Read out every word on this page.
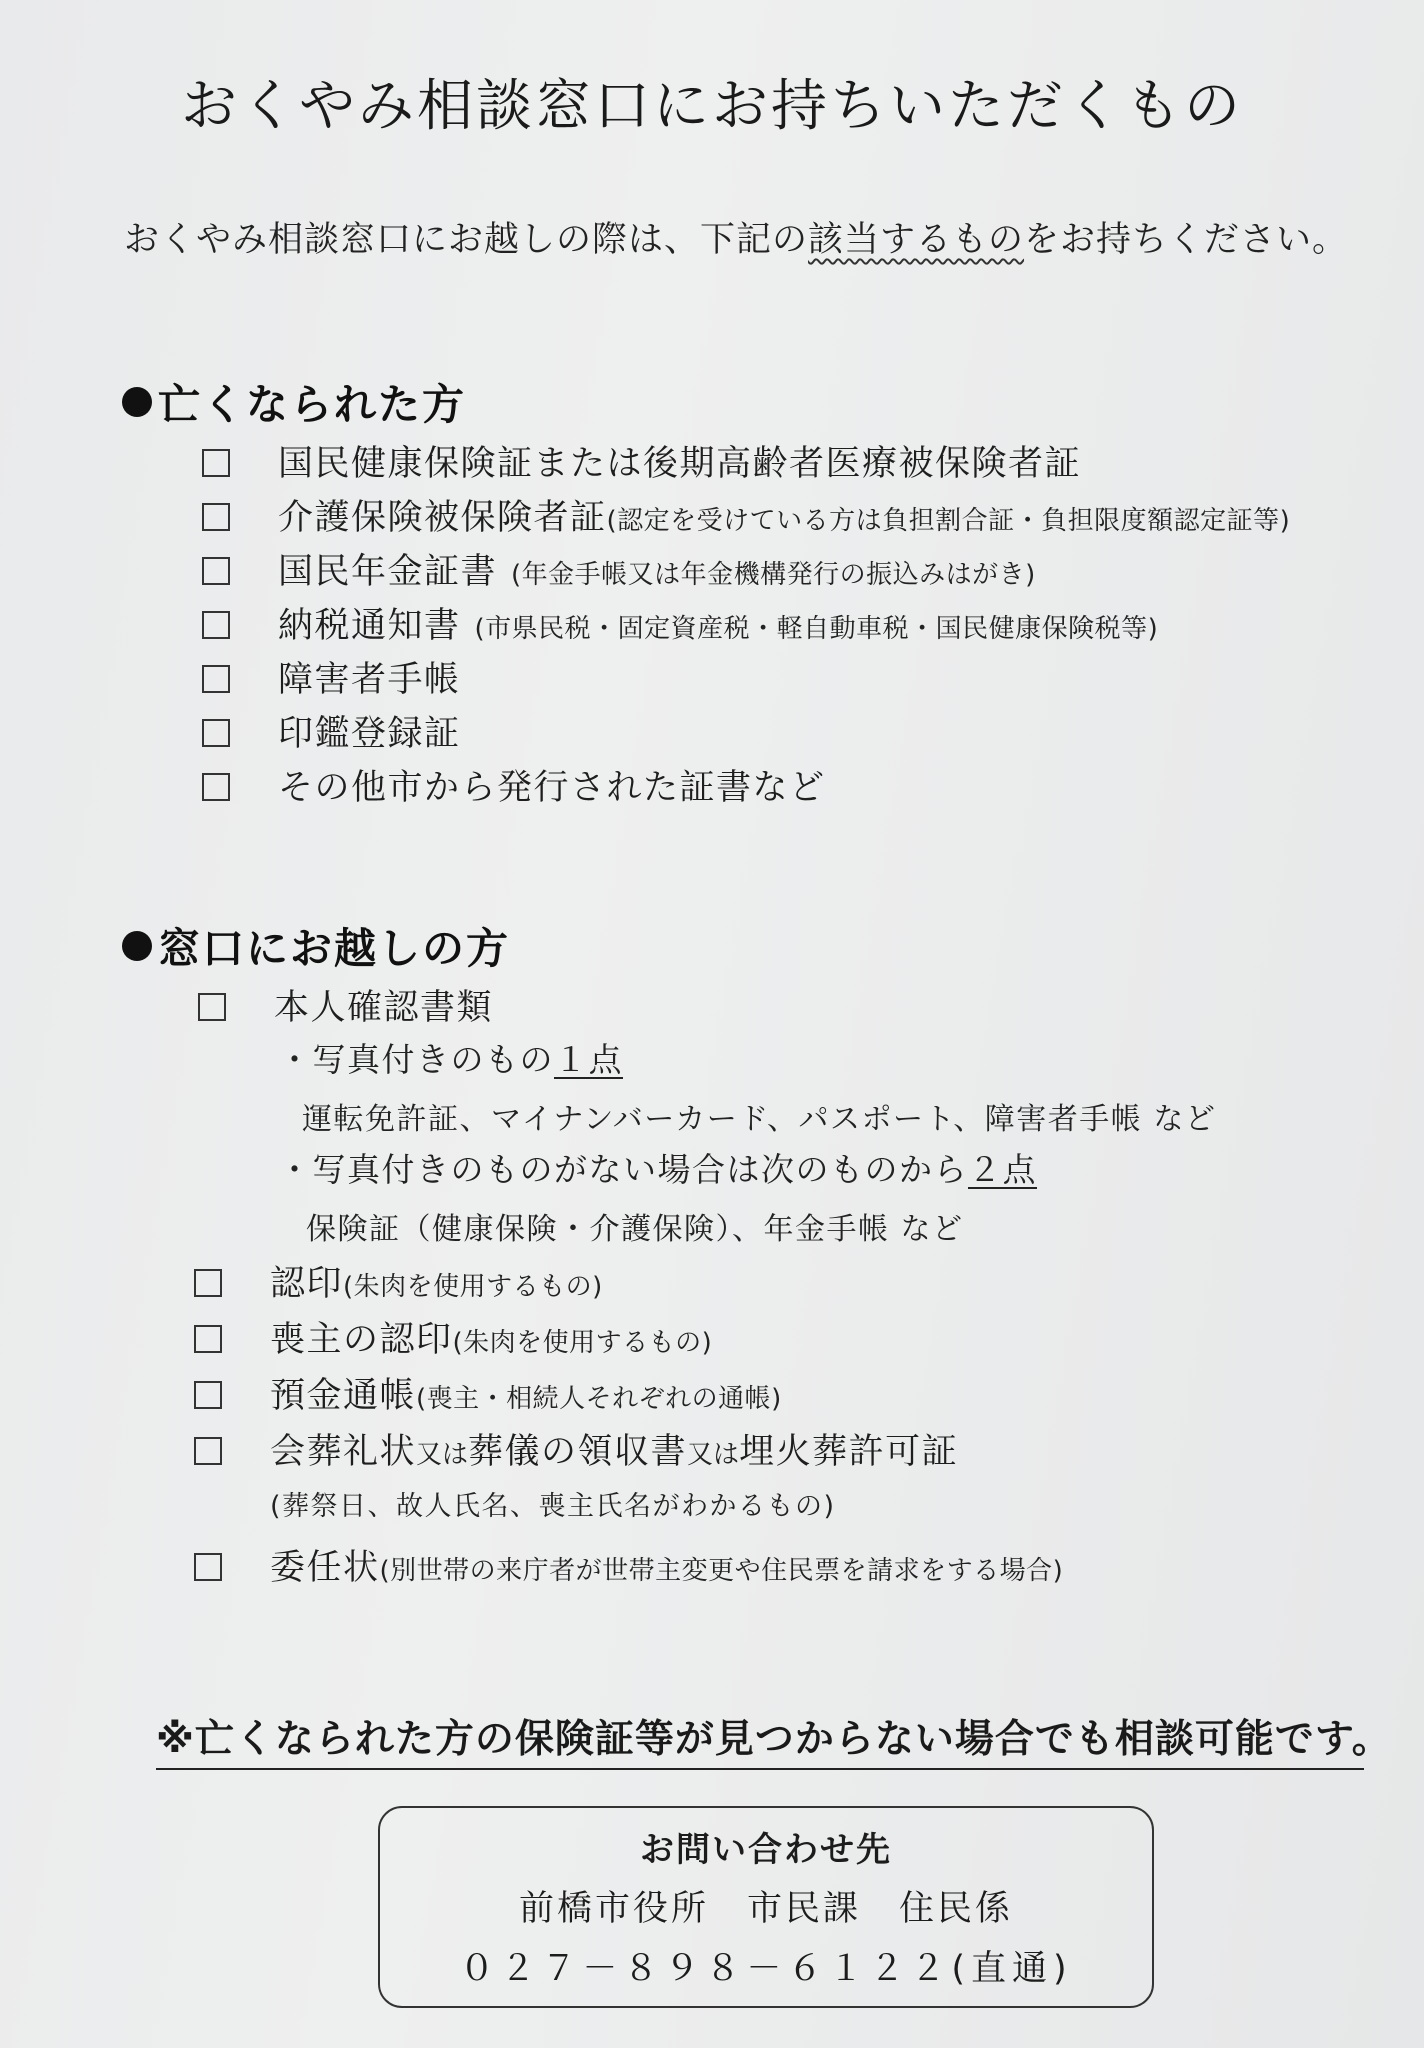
おくやみ相談窓口にお持ちいただくもの
おくやみ相談窓口にお越しの際は、下記の該当するものをお持ちください。
亡くなられた方
国民健康保険証または後期高齢者医療被保険者証
介護保険被保険者証 (認定を受けている方は負担割合証・負担限度額認定証等)
国民年金証書 (年金手帳又は年金機構発行の振込みはがき)
納税通知書 (市県民税・固定資産税・軽自動車税・国民健康保険税等)
障害者手帳
印鑑登録証
その他市から発行された証書など
窓口にお越しの方
本人確認書類
・写真付きのもの１点
運転免許証、マイナンバーカード、パスポート、障害者手帳 など
・写真付きのものがない場合は次のものから２点
保険証（健康保険・介護保険）、年金手帳 など
認印 (朱肉を使用するもの)
喪主の認印 (朱肉を使用するもの)
預金通帳 (喪主・相続人それぞれの通帳)
会葬礼状 又は 葬儀の領収書 又は 埋火葬許可証
(葬祭日、故人氏名、喪主氏名がわかるもの)
委任状 (別世帯の来庁者が世帯主変更や住民票を請求をする場合)
※亡くなられた方の保険証等が見つからない場合でも相談可能です。
お問い合わせ先
前橋市役所　市民課　住民係
０２７－８９８－６１２２(直通)
